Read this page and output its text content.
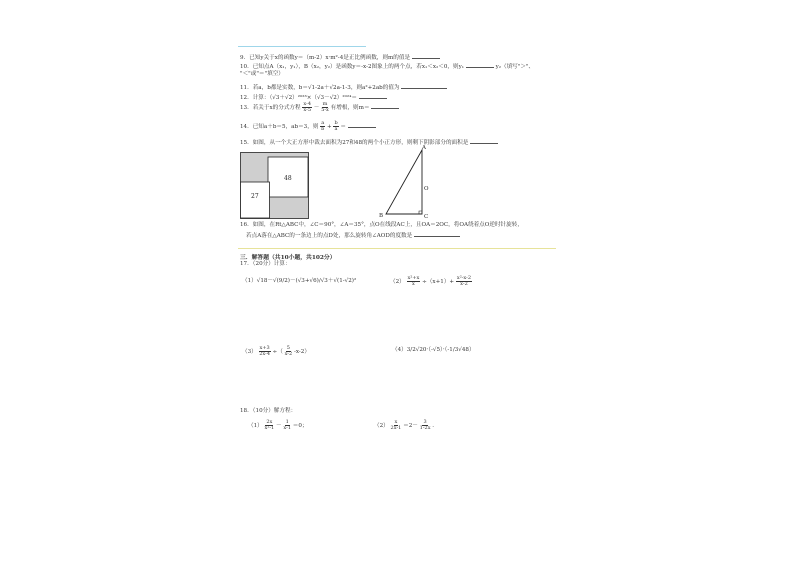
9．已知y关于x的函数y＝（m-2）x·m²-4是正比例函数，则m的值是
10．已知点A（x₁，y₁），B（x₂，y₂）是函数y＝-x-2图象上的两个点，若x₁＜x₂＜0，则y₁	y₂（填写"＞"、
"＜"或"＝"填空）
11．若a，b都是实数，b＝√1-2a＋√2a-1-3，则a²+2ab的值为
12．计算：（√3＋√2）²⁰²³×（√3－√2）²⁰²⁴＝
13．若关于x的分式方程 $\frac{x-4}{x-5} - \frac{m}{5-x}$ 有增根，则m＝
14．已知a＋b＝5，ab＝3，则 $\frac{a}{b} + \frac{b}{a}$ ＝
15．如图，从一个大正方形中裁去面积为27和48的两个小正方形，则剩下阴影部分的面积是
27
48
A
B	C
O
16．如图，在Rt△ABC中，∠C＝90°，∠A＝35°，点O在线段AC上，且OA＝2OC，将OA绕着点O逆时针旋转，
若点A落在△ABC的一条边上的点D处，那么旋转角∠AOD的度数是
三．解答题（共10小题，共102分）
17．（20分）计算：
（1）√18－√(9/2)－(√3+√6)/√3＋√(1-√2)²	$(2) \frac{\text{x²+x}}{x} \div(x+1)+ \frac{\text{x²-x-2}}{x-2}$
$(3) \frac{x+3}{2x-4}$ ÷（ $\frac{5}{x-2} -x-2$）	（4）3/2√20·（-√5）·（-1/3√48）
18．（10分）解方程：
$(1) \frac{2x}{\text{x²-1}} - \frac{1}{x-1} =0$；	$(2) \frac{x}{2x-1} =2- \frac{3}{1-2x}$ .
